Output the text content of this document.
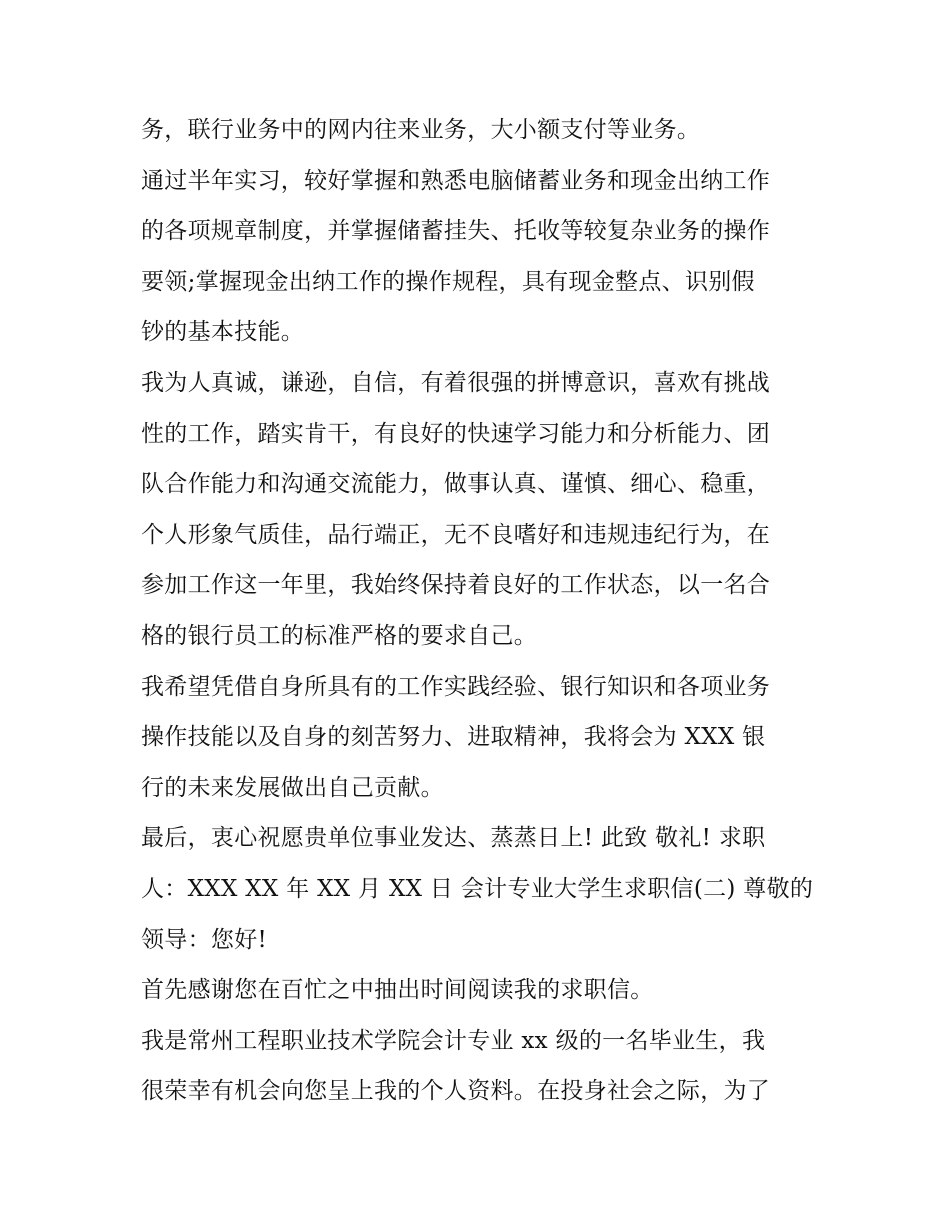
务，联行业务中的网内往来业务，大小额支付等业务。
通过半年实习，较好掌握和熟悉电脑储蓄业务和现金出纳工作
的各项规章制度，并掌握储蓄挂失、托收等较复杂业务的操作
要领;掌握现金出纳工作的操作规程，具有现金整点、识别假
钞的基本技能。
我为人真诚，谦逊，自信，有着很强的拼博意识，喜欢有挑战
性的工作，踏实肯干，有良好的快速学习能力和分析能力、团
队合作能力和沟通交流能力，做事认真、谨慎、细心、稳重，
个人形象气质佳，品行端正，无不良嗜好和违规违纪行为，在
参加工作这一年里，我始终保持着良好的工作状态，以一名合
格的银行员工的标准严格的要求自己。
我希望凭借自身所具有的工作实践经验、银行知识和各项业务
操作技能以及自身的刻苦努力、进取精神，我将会为 XXX 银
行的未来发展做出自己贡献。
最后，衷心祝愿贵单位事业发达、蒸蒸日上! 此致 敬礼! 求职
人：XXX XX 年 XX 月 XX 日 会计专业大学生求职信(二) 尊敬的
领导：您好!
首先感谢您在百忙之中抽出时间阅读我的求职信。
我是常州工程职业技术学院会计专业 xx 级的一名毕业生，我
很荣幸有机会向您呈上我的个人资料。在投身社会之际，为了
